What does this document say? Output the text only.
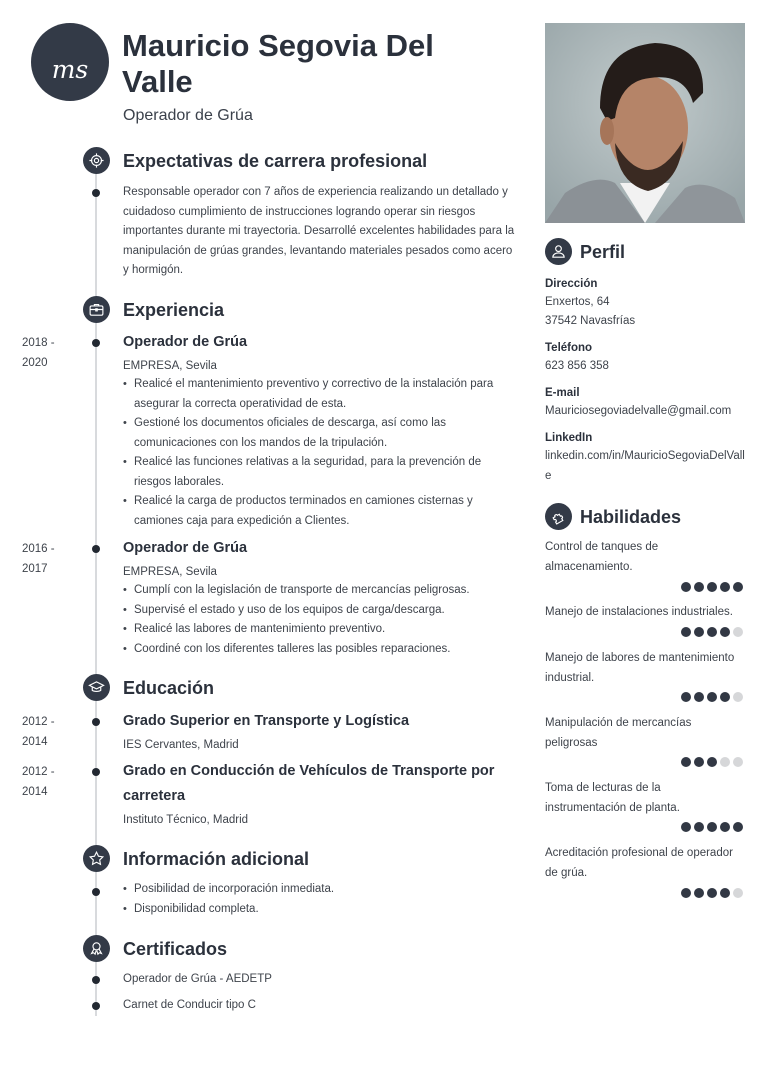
ms
Mauricio Segovia Del Valle
Operador de Grúa
Expectativas de carrera profesional
Responsable operador con 7 años de experiencia realizando un detallado y cuidadoso cumplimiento de instrucciones logrando operar sin riesgos importantes durante mi trayectoria. Desarrollé excelentes habilidades para la manipulación de grúas grandes, levantando materiales pesados como acero y hormigón.
Experiencia
2018 -
2020
Operador de Grúa
EMPRESA, Sevila
• Realicé el mantenimiento preventivo y correctivo de la instalación para asegurar la correcta operatividad de esta.
• Gestioné los documentos oficiales de descarga, así como las comunicaciones con los mandos de la tripulación.
• Realicé las funciones relativas a la seguridad, para la prevención de riesgos laborales.
• Realicé la carga de productos terminados en camiones cisternas y camiones caja para expedición a Clientes.
2016 -
2017
Operador de Grúa
EMPRESA, Sevila
• Cumplí con la legislación de transporte de mercancías peligrosas.
• Supervisé el estado y uso de los equipos de carga/descarga.
• Realicé las labores de mantenimiento preventivo.
• Coordiné con los diferentes talleres las posibles reparaciones.
Educación
2012 -
2014
Grado Superior en Transporte y Logística
IES Cervantes, Madrid
2012 -
2014
Grado en Conducción de Vehículos de Transporte por carretera
Instituto Técnico, Madrid
Información adicional
• Posibilidad de incorporación inmediata.
• Disponibilidad completa.
Certificados
Operador de Grúa - AEDETP
Carnet de Conducir tipo C
Perfil
Dirección
Enxertos, 64
37542 Navasfrías
Teléfono
623 856 358
E-mail
Mauriciosegoviadelvalle@gmail.com
LinkedIn
linkedin.com/in/MauricioSegoviaDelValle
Habilidades
Control de tanques de almacenamiento.
Manejo de instalaciones industriales.
Manejo de labores de mantenimiento industrial.
Manipulación de mercancías peligrosas
Toma de lecturas de la instrumentación de planta.
Acreditación profesional de operador de grúa.
